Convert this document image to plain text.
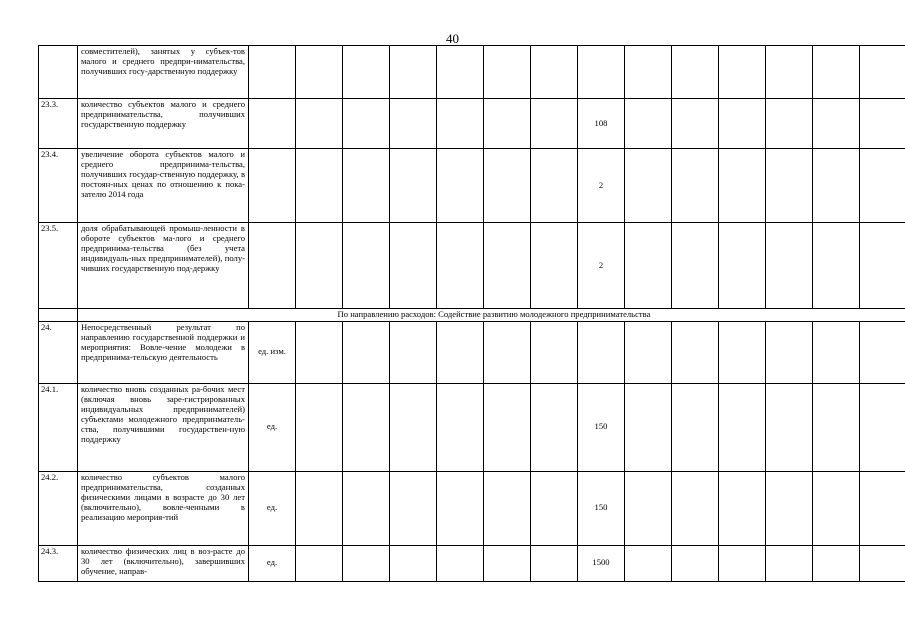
40
	совместителей), занятых у субъек-тов малого и среднего предпри-нимательства, получивших госу-дарственную поддержку														
23.3.	количество субъектов малого и среднего предпринимательства, получивших государственную поддержку								108						
23.4.	увеличение оборота субъектов малого и среднего предпринима-тельства, получивших государ-ственную поддержку, в постоян-ных ценах по отношению к пока-зателю 2014 года								2						
23.5.	доля обрабатывающей промыш-ленности в обороте субъектов ма-лого и среднего предпринима-тельства (без учета индивидуаль-ных предпринимателей), полу-чивших государственную под-держку								2						
	По направлению расходов: Содействие развитию молодежного предпринимательства														
24.	Непосредственный результат по направлению государственной поддержки и мероприятия: Вовле-чение молодежи в предпринима-тельскую деятельность	ед. изм.													
24.1.	количество вновь созданных ра-бочих мест (включая вновь заре-гистрированных индивидуальных предпринимателей) субъектами молодежного предпринматель-ства, получившими государствен-ную поддержку	ед.							150						
24.2.	количество субъектов малого предпринимательства, созданных физическими лицами в возрасте до 30 лет (включительно), вовле-ченными в реализацию мероприя-тий	ед.							150						
24.3.	количество физических лиц в воз-расте до 30 лет (включительно), завершивших обучение, направ-	ед.							1500						
